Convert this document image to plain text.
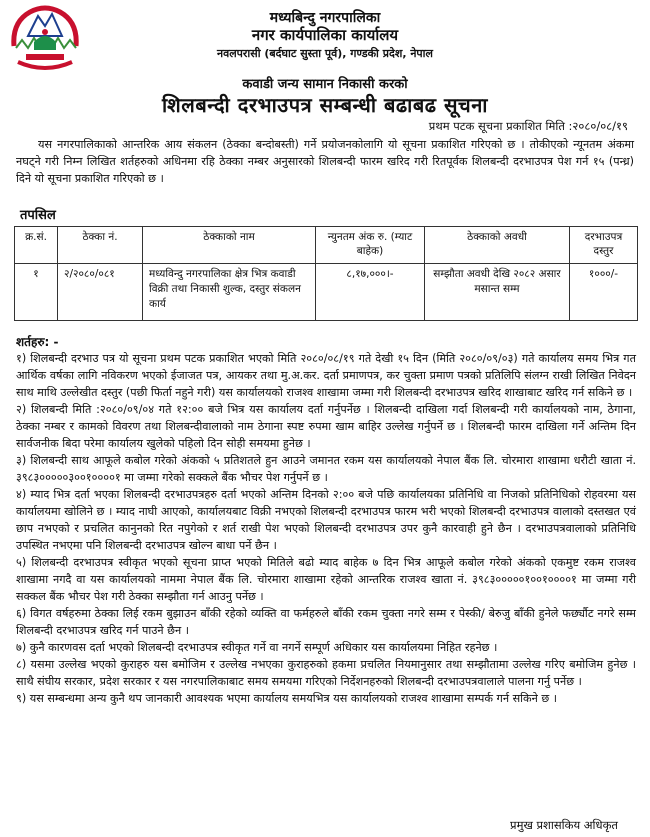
मध्यबिन्दु नगरपालिका
नगर कार्यपालिका कार्यालय
नवलपरासी (बर्दघाट सुस्ता पूर्व), गण्डकी प्रदेश, नेपाल
कवाडी जन्य सामान निकासी करको
शिलबन्दी दरभाउपत्र सम्बन्धी बढाबढ सूचना
प्रथम पटक सूचना प्रकाशित मिति :२०८०/०८/१९
यस नगरपालिकाको आन्तरिक आय संकलन (ठेक्का बन्दोबस्ती) गर्ने प्रयोजनकोलागि यो सूचना प्रकाशित गरिएको छ । तोकीएको न्यूनतम अंकमा नघट्ने गरी निम्न लिखित शर्तहरुको अधिनमा रहि ठेक्का नम्बर अनुसारको शिलबन्दी फारम खरिद गरी रितपूर्वक शिलबन्दी दरभाउपत्र पेश गर्न १५ (पन्ध्र) दिने यो सूचना प्रकाशित गरिएको छ ।
तपसिल
क्र.सं.	ठेक्का नं.	ठेक्काको नाम	न्युनतम अंक रु. (म्याट बाहेक)	ठेक्काको अवधी	दरभाउपत्र दस्तुर
१	२/२०८०/०८१	मध्यविन्दु नगरपालिका क्षेत्र भित्र कवाडी विक्री तथा निकासी शुल्क, दस्तुर संकलन कार्य	८,१७,०००।-	सम्झौता अवधी देखि २०८२ असार मसान्त सम्म	१०००/-
शर्तहरु: -

१) शिलबन्दी दरभाउ पत्र यो सूचना प्रथम पटक प्रकाशित भएको मिति २०८०/०८/१९ गते देखी १५ दिन (मिति २०८०/०९/०३) गते कार्यालय समय भित्र गत आर्थिक वर्षका लागि नविकरण भएको ईजाजत पत्र, आयकर तथा मु.अ.कर. दर्ता प्रमाणपत्र, कर चुक्ता प्रमाण पत्रको प्रतिलिपि संलग्न राखी लिखित निवेदन साथ माथि उल्लेखीत दस्तुर (पछी फिर्ता नहुने गरी) यस कार्यालयको राजश्व शाखामा जम्मा गरी शिलबन्दी दरभाउपत्र खरिद शाखाबाट खरिद गर्न सकिने छ ।

२) शिलबन्दी मिति :२०८०/०९/०४ गते १२:०० बजे भित्र यस कार्यालय दर्ता गर्नुपर्नेछ । शिलबन्दी दाखिला गर्दा शिलबन्दी गरी कार्यालयको नाम, ठेगाना, ठेक्का नम्बर र कामको विवरण तथा शिलबन्दीवालाको नाम ठेगाना स्पष्ट रुपमा खाम बाहिर उल्लेख गर्नुपर्ने छ । शिलबन्दी फारम दाखिला गर्ने अन्तिम दिन सार्वजनीक बिदा परेमा कार्यालय खुलेको पहिलो दिन सोही समयमा हुनेछ ।

३) शिलबन्दी साथ आफूले कबोल गरेको अंकको ५ प्रतिशतले हुन आउने जमानत रकम यस कार्यालयको नेपाल बैंक लि. चोरमारा शाखामा धरौटी खाता नं. ३९८३०००००३००१००००१ मा जम्मा गरेको सक्कले बैंक भौचर पेश गर्नुपर्ने छ ।

४) म्याद भित्र दर्ता भएका शिलबन्दी दरभाउपत्रहरु दर्ता भएको अन्तिम दिनको २:०० बजे पछि कार्यालयका प्रतिनिधि वा निजको प्रतिनिधिको रोहवरमा यस कार्यालयमा खोलिने छ । म्याद नाघी आएको, कार्यालयबाट विक्री नभएको शिलबन्दी दरभाउपत्र फारम भरी भएको शिलबन्दी दरभाउपत्र वालाको दस्तखत एवं छाप नभएको र प्रचलित कानुनको रित नपुगेको र शर्त राखी पेश भएको शिलबन्दी दरभाउपत्र उपर कुनै कारवाही हुने छैन । दरभाउपत्रवालाको प्रतिनिधि उपस्थित नभएमा पनि शिलबन्दी दरभाउपत्र खोल्न बाधा पर्ने छैन ।

५) शिलबन्दी दरभाउपत्र स्वीकृत भएको सूचना प्राप्त भएको मितिले बढो म्याद बाहेक ७ दिन भित्र आफूले कबोल गरेको अंकको एकमुष्ट रकम राजश्व शाखामा नगदै वा यस कार्यालयको नाममा नेपाल बैंक लि. चोरमारा शाखामा रहेको आन्तरिक राजश्व खाता नं. ३९८३०००००१००१००००१ मा जम्मा गरी सक्कल बैंक भौचर पेश गरी ठेक्का सम्झौता गर्न आउनु पर्नेछ ।

६) विगत वर्षहरुमा ठेक्का लिई रकम बुझाउन बाँकी रहेको व्यक्ति वा फर्महरुले बाँकी रकम चुक्ता नगरे सम्म र पेस्की/ बेरुजु बाँकी हुनेले फर्छ्यौट नगरे सम्म शिलबन्दी दरभाउपत्र खरिद गर्न पाउने छैन ।

७) कुनै कारणवस दर्ता भएको शिलबन्दी दरभाउपत्र स्वीकृत गर्ने वा नगर्ने सम्पूर्ण अधिकार यस कार्यालयमा निहित रहनेछ ।

८) यसमा उल्लेख भएको कुराहरु यस बमोजिम र उल्लेख नभएका कुराहरुको हकमा प्रचलित नियमानुसार तथा सम्झौतामा उल्लेख गरिए बमोजिम हुनेछ । साथै संघीय सरकार, प्रदेश सरकार र यस नगरपालिकाबाट समय समयमा गरिएको निर्देशनहरुको शिलबन्दी दरभाउपत्रवालाले पालना गर्नु पर्नेछ ।

९) यस सम्बन्धमा अन्य कुनै थप जानकारी आवश्यक भएमा कार्यालय समयभित्र यस कार्यालयको राजश्व शाखामा सम्पर्क गर्न सकिने छ ।

प्रमुख प्रशासकिय अधिकृत
